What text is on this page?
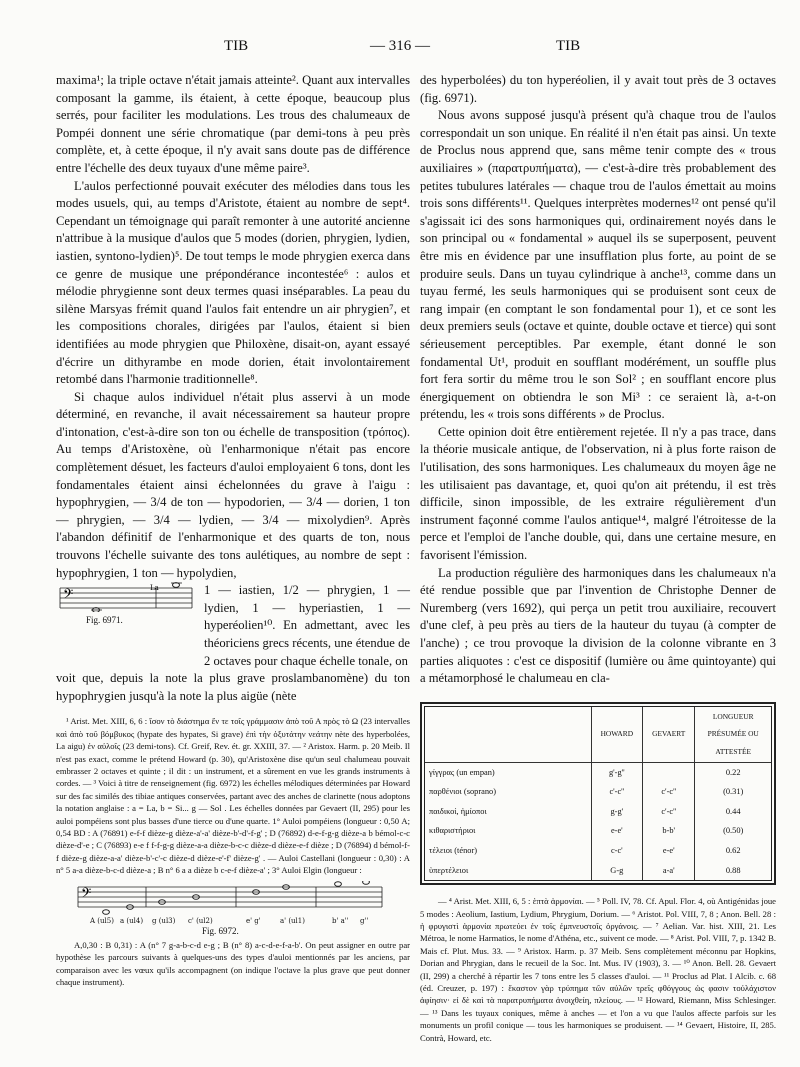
TIB	— 316 —	TIB

maxima¹; la triple octave n'était jamais atteinte². Quant aux intervalles composant la gamme, ils étaient, à cette époque, beaucoup plus serrés, pour faciliter les modulations. Les trous des chalumeaux de Pompéi donnent une série chromatique (par demi-tons à peu près complète, et, à cette époque, il n'y avait sans doute pas de différence entre l'échelle des deux tuyaux d'une même paire³.

L'aulos perfectionné pouvait exécuter des mélodies dans tous les modes usuels, qui, au temps d'Aristote, étaient au nombre de sept⁴. Cependant un témoignage qui paraît remonter à une autorité ancienne n'attribue à la musique d'aulos que 5 modes (dorien, phrygien, lydien, iastien, syntono-lydien)⁵. De tout temps le mode phrygien exerca dans ce genre de musique une prépondérance incontestée⁶ : aulos et mélodie phrygienne sont deux termes quasi inséparables. La peau du silène Marsyas frémit quand l'aulos fait entendre un air phrygien⁷, et les compositions chorales, dirigées par l'aulos, étaient si bien identifiées au mode phrygien que Philoxène, disait-on, ayant essayé d'écrire un dithyrambe en mode dorien, était involontairement retombé dans l'harmonie traditionnelle⁸.

Si chaque aulos individuel n'était plus asservi à un mode déterminé, en revanche, il avait nécessairement sa hauteur propre d'intonation, c'est-à-dire son ton ou échelle de transposition (τρόπος). Au temps d'Aristoxène, où l'enharmonique n'était pas encore complètement désuet, les facteurs d'auloi employaient 6 tons, dont les fondamentales étaient ainsi échelonnées du grave à l'aigu : hypophrygien, — 3/4 de ton — hypodorien, — 3/4 — dorien, 1 ton — phrygien, — 3/4 — lydien, — 3/4 — mixolydien⁹. Après l'abandon définitif de l'enharmonique et des quarts de ton, nous trouvons l'échelle suivante des tons aulétiques, au nombre de sept : hypophrygien, 1 ton — hypolydien,

𝄢	La
Fig. 6971.

1 — iastien, 1/2 — phrygien, 1 — lydien, 1 — hyperiastien, 1 — hyperéolien¹⁰. En admettant, avec les théoriciens grecs récents, une étendue de 2 octaves pour chaque échelle tonale, on

voit que, depuis la note la plus grave proslambanomène) du ton hypophrygien jusqu'à la note la plus aigüe (nète

¹ Arist. Met. XIII, 6, 6 : ἴσον τὸ διάστημα ἔν τε τοῖς γράμμασιν ἀπὸ τοῦ Α πρὸς τὸ Ω (23 intervalles καὶ ἀπὸ τοῦ βόμβυκος (hypate des hypates, Si grave) ἐπὶ τὴν ὀξυτάτην νεάτην nète des hyperbolées, La aigu) ἐν αὐλοῖς (23 demi-tons). Cf. Greif, Rev. ét. gr. XXIII, 37. — ² Aristox. Harm. p. 20 Meib. Il n'est pas exact, comme le prétend Howard (p. 30), qu'Aristoxène dise qu'un seul chalumeau pouvait embrasser 2 octaves et quinte ; il dit : un instrument, et a sûrement en vue les grands instruments à cordes. — ³ Voici à titre de renseignement (fig. 6972) les échelles mélodiques déterminées par Howard sur des fac similés des tibiae antiques conservées, partant avec des anches de clarinette (nous adoptons la notation anglaise : a = La, b = Si... g — Sol . Les échelles données par Gevaert (II, 295) pour les auloi pompéiens sont plus basses d'une tierce ou d'une quarte. 1° Auloi pompéiens (longueur : 0,50 Α; 0,54 BD : A (76891) e-f-f dièze-g dièze-a'-a' dièze-b'-d'-f-g' ; D (76892) d-e-f-g-g dièze-a b bémol-c-c dièze-d'-e ; C (76893) e-e f f-f-g-g dièze-a-a dièze-b-c-c dièze-d dièze-e-f dièze ; D (76894) d bémol-f-f dièze-g dièze-a-a' dièze-b'-c'-c dièze-d dièze-e'-f' dièze-g' . — Auloi Castellani (longueur : 0,30) : A n° 5 a-a dièze-b-c-d dièze-a ; B n° 6 a a dièze b c-e-f dièze-a' ; 3° Auloi Elgin (longueur :

𝄢
A (ul5) a (ul4) g (ul3) c' (ul2)	e' g'	a' (ul1)	b' a'' g''
Fig. 6972.

Α,0,30 : B 0,31) : A (n° 7 g-a-b-c-d e-g ; B (n° 8) a-c-d-e-f-a-b'. On peut assigner en outre par hypothèse les parcours suivants à quelques-uns des types d'auloi mentionnés par les anciens, par comparaison avec les vœux qu'ils accompagnent (on indique l'octave la plus grave que peut donner chaque instrument).

des hyperbolées) du ton hyperéolien, il y avait tout près de 3 octaves (fig. 6971).

Nous avons supposé jusqu'à présent qu'à chaque trou de l'aulos correspondait un son unique. En réalité il n'en était pas ainsi. Un texte de Proclus nous apprend que, sans même tenir compte des « trous auxiliaires » (παρατρυπήματα), — c'est-à-dire très probablement des petites tubulures latérales — chaque trou de l'aulos émettait au moins trois sons différents¹¹. Quelques interprètes modernes¹² ont pensé qu'il s'agissait ici des sons harmoniques qui, ordinairement noyés dans le son principal ou « fondamental » auquel ils se superposent, peuvent être mis en évidence par une insufflation plus forte, au point de se produire seuls. Dans un tuyau cylindrique à anche¹³, comme dans un tuyau fermé, les seuls harmoniques qui se produisent sont ceux de rang impair (en comptant le son fondamental pour 1), et ce sont les deux premiers seuls (octave et quinte, double octave et tierce) qui sont sérieusement perceptibles. Par exemple, étant donné le son fondamental Ut¹, produit en soufflant modérément, un souffle plus fort fera sortir du même trou le son Sol² ; en soufflant encore plus énergiquement on obtiendra le son Mi³ : ce seraient là, a-t-on prétendu, les « trois sons différents » de Proclus.

Cette opinion doit être entièrement rejetée. Il n'y a pas trace, dans la théorie musicale antique, de l'observation, ni à plus forte raison de l'utilisation, des sons harmoniques. Les chalumeaux du moyen âge ne les utilisaient pas davantage, et, quoi qu'on ait prétendu, il est très difficile, sinon impossible, de les extraire régulièrement d'un instrument façonné comme l'aulos antique¹⁴, malgré l'étroitesse de la perce et l'emploi de l'anche double, qui, dans une certaine mesure, en favorisent l'émission.

La production régulière des harmoniques dans les chalumeaux n'a été rendue possible que par l'invention de Christophe Denner de Nuremberg (vers 1692), qui perça un petit trou auxiliaire, recouvert d'une clef, à peu près au tiers de la hauteur du tuyau (à compter de l'anche) ; ce trou provoque la division de la colonne vibrante en 3 parties aliquotes : c'est ce dispositif (lumière ou âme quintoyante) qui a métamorphosé le chalumeau en cla-

	HOWARD	GEVAERT	LONGUEUR PRÉSUMÉE OU ATTESTÉE
γίγγρας (un empan)	g'-g''		0.22
παρθένιοι (soprano)	c'-c''	c'-c''	(0.31)
παιδικοί, ἡμίοποι	g-g'	c'-c''	0.44
κιθαριστήριοι	e-e'	b-b'	(0.50)
τέλειοι (ténor)	c-c'	e-e'	0.62
ὑπερτέλειοι	G-g	a-a'	0.88

— ⁴ Arist. Met. XIII, 6, 5 : ἑπτὰ ἁρμονίαι. — ⁵ Poll. IV, 78. Cf. Apul. Flor. 4, où Antigénidas joue 5 modes : Aeolium, Iastium, Lydium, Phrygium, Dorium. — ⁶ Aristot. Pol. VIII, 7, 8 ; Anon. Bell. 28 : ἡ φρυγιστὶ ἁρμονία πρωτεύει ἐν τοῖς ἐμπνευστοῖς ὀργάνοις. — ⁷ Aelian. Var. hist. XIII, 21. Les Métroa, le nome Harmatios, le nome d'Athéna, etc., suivent ce mode. — ⁸ Arist. Pol. VIII, 7, p. 1342 B. Mais cf. Plut. Mus. 33. — ⁹ Aristox. Harm. p. 37 Meib. Sens complètement méconnu par Hopkins, Dorian and Phrygian, dans le recueil de la Soc. Int. Mus. IV (1903), 3. — ¹⁰ Anon. Bell. 28. Gevaert (II, 299) a cherché à répartir les 7 tons entre les 5 classes d'auloi. — ¹¹ Proclus ad Plat. I Alcib. c. 68 (éd. Creuzer, p. 197) : ἕκαστον γὰρ τρύπημα τῶν αὐλῶν τρεῖς φθόγγους ὡς φασιν τοὐλάχιστον ἀφίησιν· εἰ δὲ καὶ τὰ παρατρυπήματα ἀνοιχθείη, πλείους. — ¹² Howard, Riemann, Miss Schlesinger. — ¹³ Dans les tuyaux coniques, même à anches — et l'on a vu que l'aulos affecte parfois sur les monuments un profil conique — tous les harmoniques se produisent. — ¹⁴ Gevaert, Histoire, II, 285. Contrà, Howard, etc.
